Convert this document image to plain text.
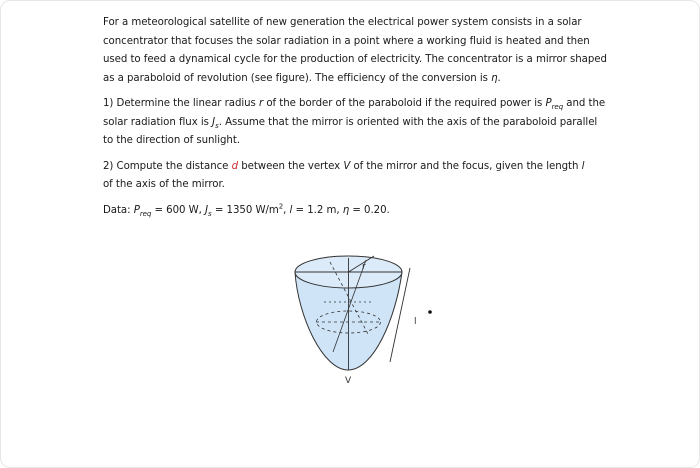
For a meteorological satellite of new generation the electrical power system consists in a solar concentrator that focuses the solar radiation in a point where a working fluid is heated and then used to feed a dynamical cycle for the production of electricity. The concentrator is a mirror shaped as a paraboloid of revolution (see figure). The efficiency of the conversion is η.

1) Determine the linear radius r of the border of the paraboloid if the required power is $P_{req}$ and the solar radiation flux is $J_s$. Assume that the mirror is oriented with the axis of the paraboloid parallel to the direction of sunlight.

2) Compute the distance d between the vertex V of the mirror and the focus, given the length l
of the axis of the mirror.

Data: $P_{req} = 600$ W, $J_s = 1350$ $W/m^2$, l = 1.2 m, η = 0.20.

r
l
V
